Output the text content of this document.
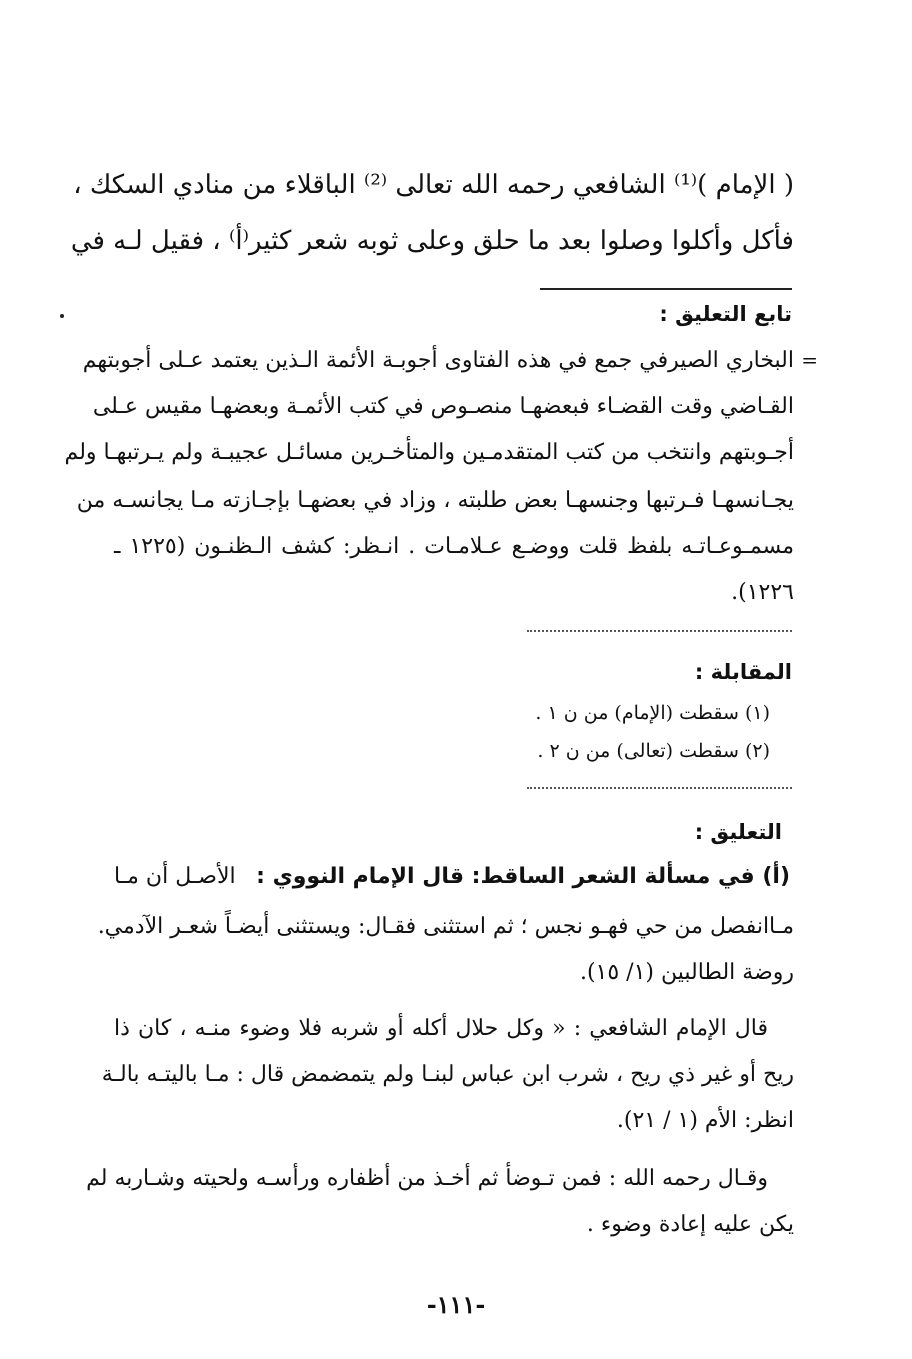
( الإمام )⁽¹⁾ الشافعي رحمه الله تعالى ⁽²⁾ الباقلاء من منادي السكك ،
فأكل وأكلوا وصلوا بعد ما حلق وعلى ثوبه شعر كثير⁽أ⁾ ، فقيل لـه في
تابع التعليق :
=
البخاري الصيرفي جمع في هذه الفتاوى أجوبـة الأئمة الـذين يعتمد عـلى أجوبتهم
القـاضي وقت القضـاء فبعضهـا منصـوص في كتب الأئمـة وبعضهـا مقيس عـلى
أجـوبتهم وانتخب من كتب المتقدمـين والمتأخـرين مسائـل عجيبـة ولم يـرتبهـا ولم
يجـانسهـا فـرتبها وجنسهـا بعض طلبته ، وزاد في بعضهـا بإجـازته مـا يجانسـه من
مسمـوعـاتـه بلفظ قلت ووضـع عـلامـات . انـظر: كشف الـظنـون (١٢٢٥ ـ
١٢٢٦).
المقابلة :
(١) سقطت (الإمام) من ن ١ .
(٢) سقطت (تعالى) من ن ٢ .
التعليق :
(أ) في مسألة الشعر الساقط: قال الإمام النووي :
الأصـل أن مـا
مـاانفصل من حي فهـو نجس ؛ ثم استثنى فقـال: ويستثنى أيضـاً شعـر الآدمي.
روضة الطالبين (١/ ١٥).
قال الإمام الشافعي : « وكل حلال أكله أو شربه فلا وضوء منـه ، كان ذا
ريح أو غير ذي ريح ، شرب ابن عباس لبنـا ولم يتمضمض قال : مـا باليتـه بالـة
انظر: الأم (١ / ٢١).
وقـال رحمه الله : فمن تـوضأ ثم أخـذ من أظفاره ورأسـه ولحيته وشـاربه لم
يكن عليه إعادة وضوء .
-١١١-
